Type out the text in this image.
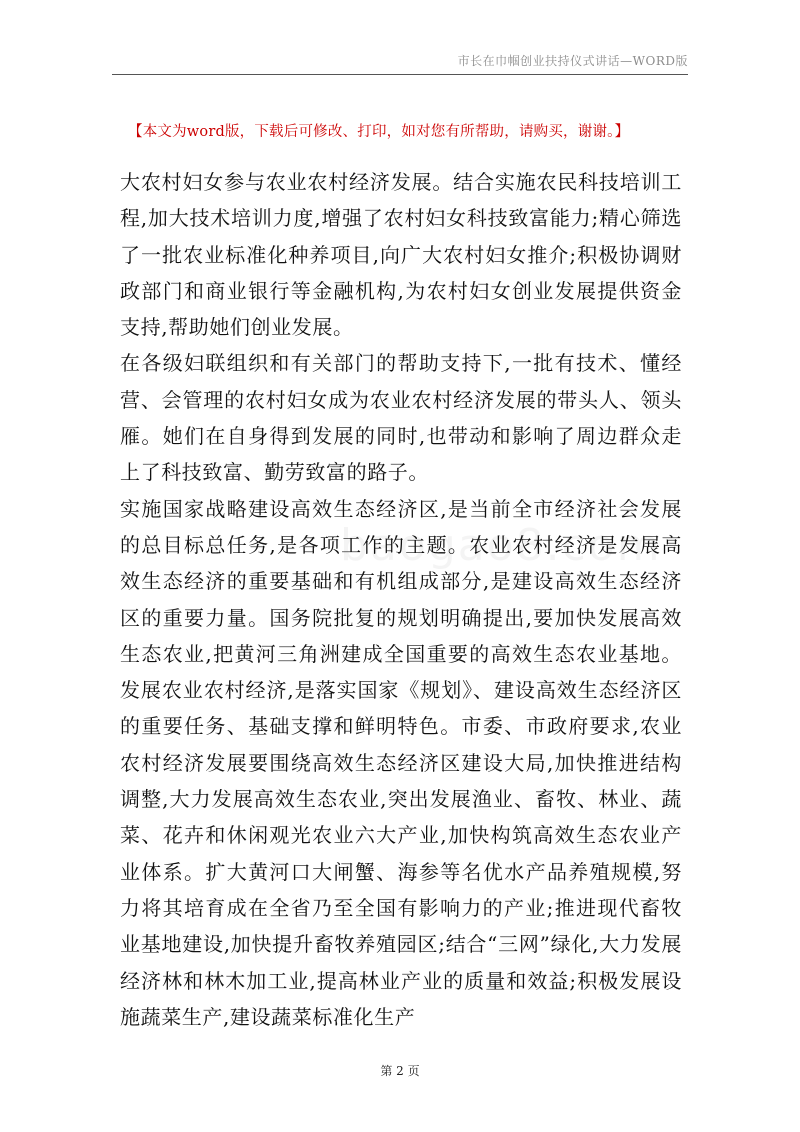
市长在巾帼创业扶持仪式讲话—WORD版
【本文为word版，下载后可修改、打印，如对您有所帮助，请购买，谢谢。】

大农村妇女参与农业农村经济发展。结合实施农民科技培训工程,加大技术培训力度,增强了农村妇女科技致富能力;精心筛选了一批农业标准化种养项目,向广大农村妇女推介;积极协调财政部门和商业银行等金融机构,为农村妇女创业发展提供资金支持,帮助她们创业发展。

在各级妇联组织和有关部门的帮助支持下,一批有技术、懂经营、会管理的农村妇女成为农业农村经济发展的带头人、领头雁。她们在自身得到发展的同时,也带动和影响了周边群众走上了科技致富、勤劳致富的路子。

实施国家战略建设高效生态经济区,是当前全市经济社会发展的总目标总任务,是各项工作的主题。农业农村经济是发展高效生态经济的重要基础和有机组成部分,是建设高效生态经济区的重要力量。国务院批复的规划明确提出,要加快发展高效生态农业,把黄河三角洲建成全国重要的高效生态农业基地。发展农业农村经济,是落实国家《规划》、建设高效生态经济区的重要任务、基础支撑和鲜明特色。市委、市政府要求,农业农村经济发展要围绕高效生态经济区建设大局,加快推进结构调整,大力发展高效生态农业,突出发展渔业、畜牧、林业、蔬菜、花卉和休闲观光农业六大产业,加快构筑高效生态农业产业体系。扩大黄河口大闸蟹、海参等名优水产品养殖规模,努力将其培育成在全省乃至全国有影响力的产业;推进现代畜牧业基地建设,加快提升畜牧养殖园区;结合“三网”绿化,大力发展经济林和林木加工业,提高林业产业的质量和效益;积极发展设施蔬菜生产,建设蔬菜标准化生产

第 2 页
